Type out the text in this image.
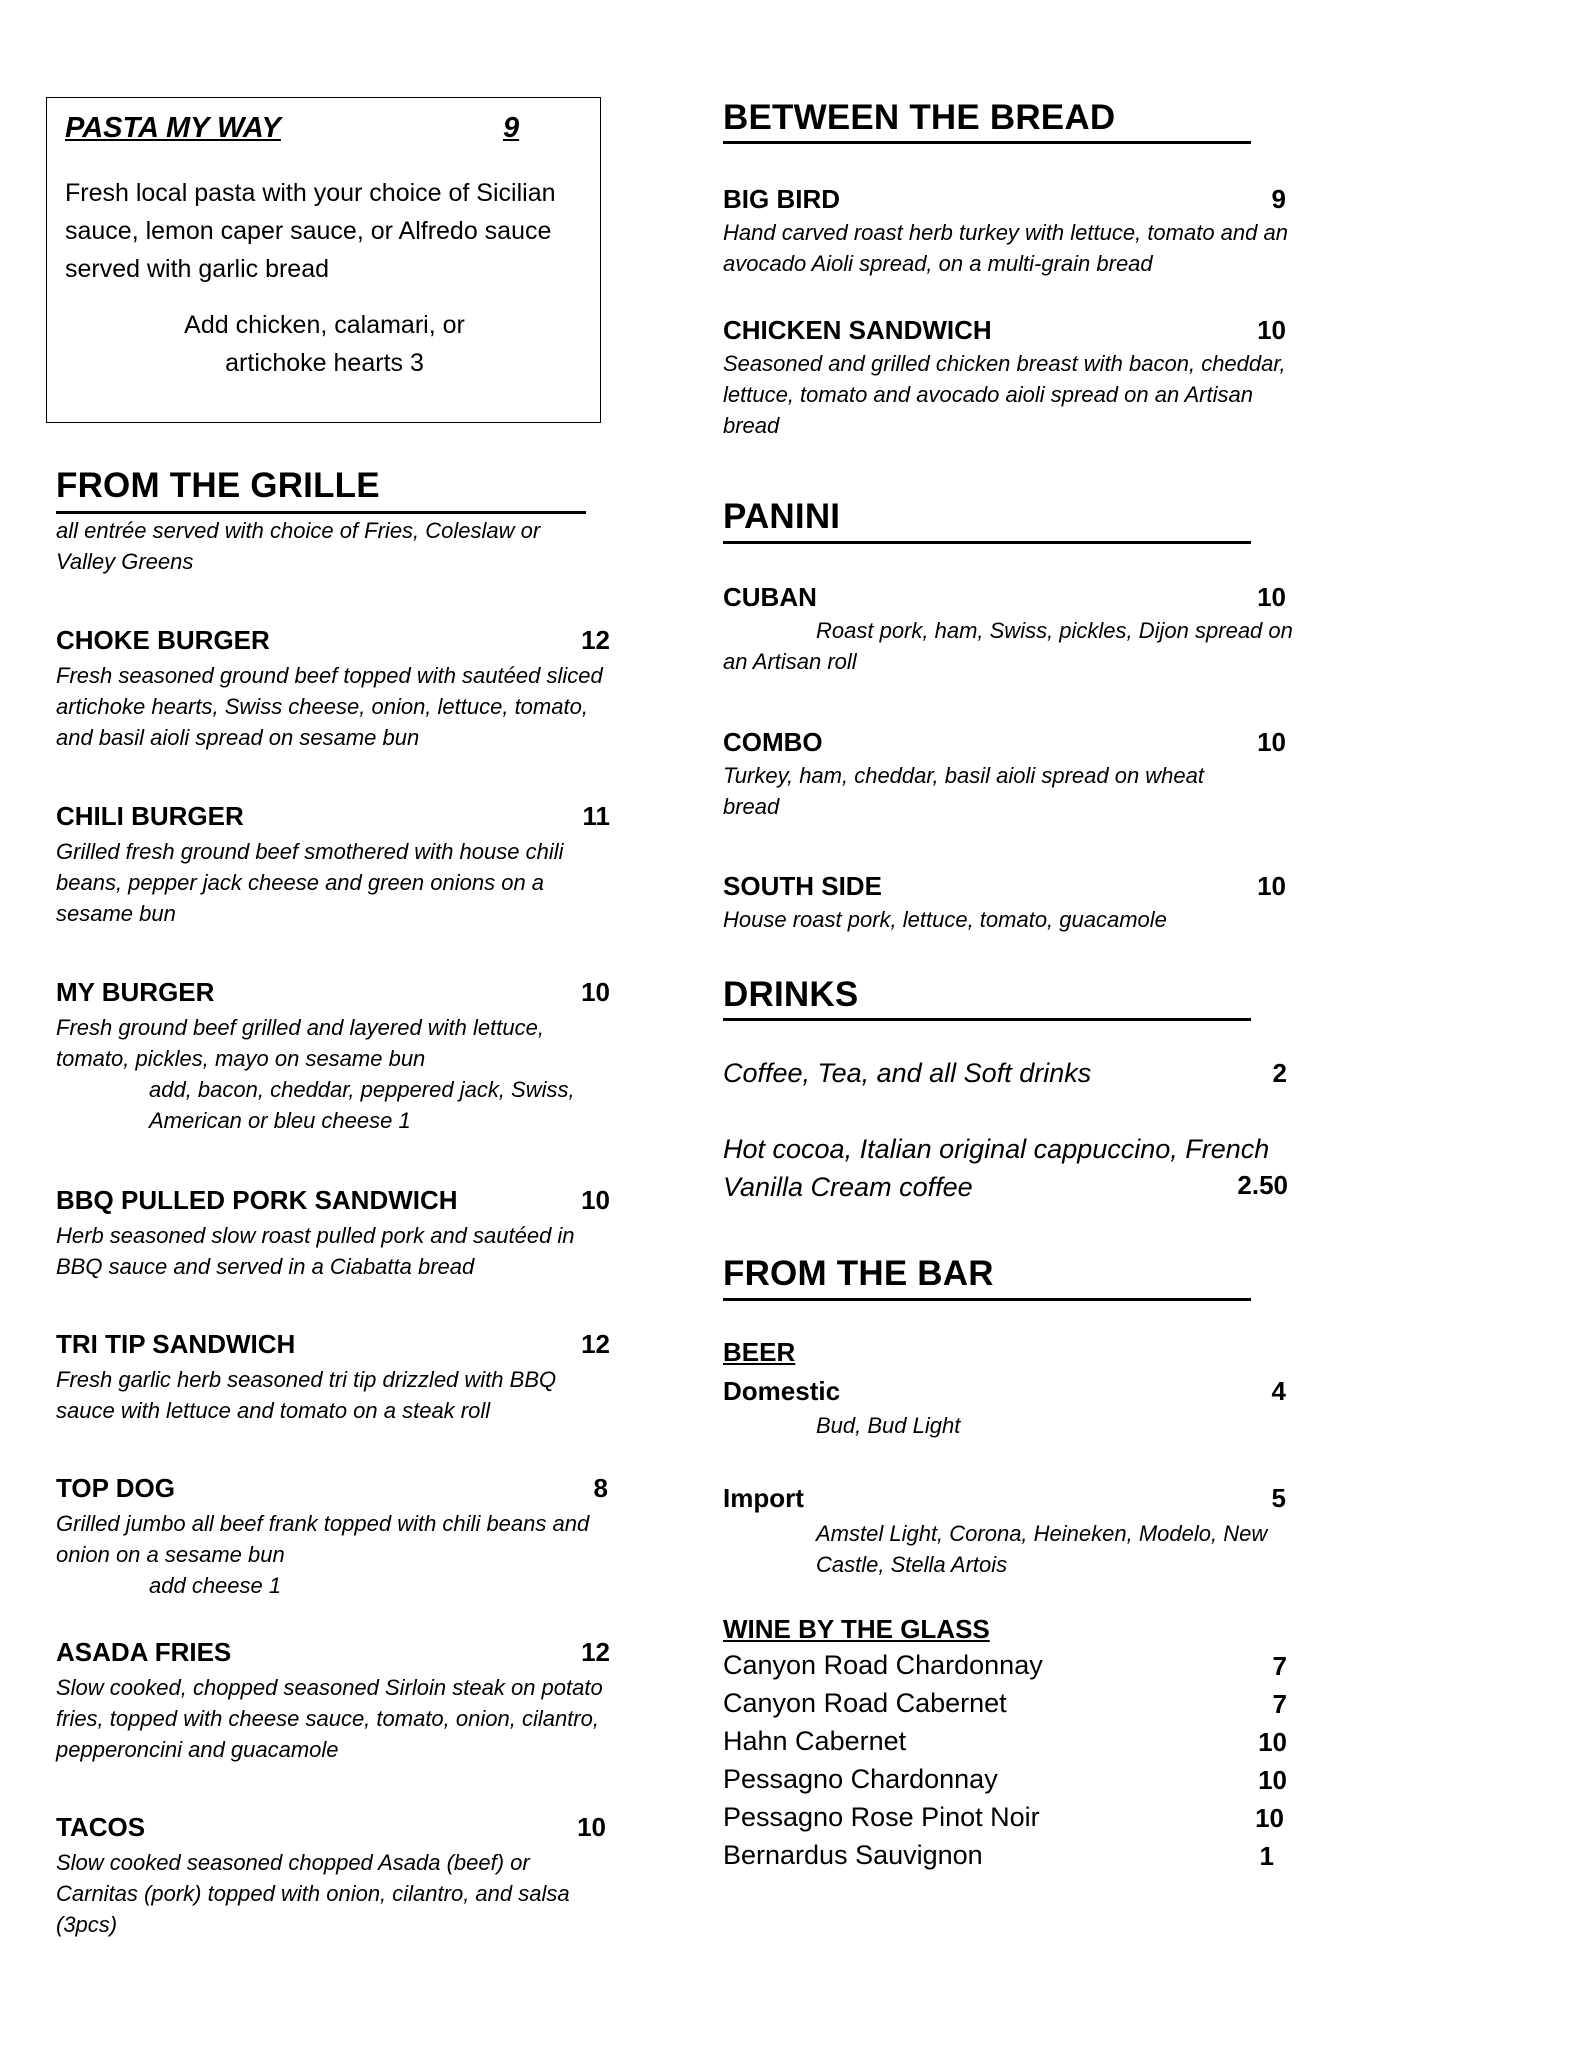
PASTA MY WAY	9
Fresh local pasta with your choice of Sicilian sauce, lemon caper sauce, or Alfredo sauce served with garlic bread
Add chicken, calamari, or
artichoke hearts 3
FROM THE GRILLE
all entrée served with choice of Fries, Coleslaw or Valley Greens
CHOKE BURGER	12
Fresh seasoned ground beef topped with sautéed sliced artichoke hearts, Swiss cheese, onion, lettuce, tomato, and basil aioli spread on sesame bun
CHILI BURGER	11
Grilled fresh ground beef smothered with house chili beans, pepper jack cheese and green onions on a sesame bun
MY BURGER	10
Fresh ground beef grilled and layered with lettuce, tomato, pickles, mayo on sesame bun
add, bacon, cheddar, peppered jack, Swiss, American or bleu cheese 1
BBQ PULLED PORK SANDWICH	10
Herb seasoned slow roast pulled pork and sautéed in BBQ sauce and served in a Ciabatta bread
TRI TIP SANDWICH	12
Fresh garlic herb seasoned tri tip drizzled with BBQ sauce with lettuce and tomato on a steak roll
TOP DOG	8
Grilled jumbo all beef frank topped with chili beans and onion on a sesame bun
add cheese 1
ASADA FRIES	12
Slow cooked, chopped seasoned Sirloin steak on potato fries, topped with cheese sauce, tomato, onion, cilantro, pepperoncini and guacamole
TACOS	10
Slow cooked seasoned chopped Asada (beef) or Carnitas (pork) topped with onion, cilantro, and salsa (3pcs)
BETWEEN THE BREAD
BIG BIRD	9
Hand carved roast herb turkey with lettuce, tomato and an avocado Aioli spread, on a multi-grain bread
CHICKEN SANDWICH	10
Seasoned and grilled chicken breast with bacon, cheddar, lettuce, tomato and avocado aioli spread on an Artisan bread
PANINI
CUBAN	10
Roast pork, ham, Swiss, pickles, Dijon spread on an Artisan roll
COMBO	10
Turkey, ham, cheddar, basil aioli spread on wheat bread
SOUTH SIDE	10
House roast pork, lettuce, tomato, guacamole
DRINKS
Coffee, Tea, and all Soft drinks	2
Hot cocoa, Italian original cappuccino, French Vanilla Cream coffee	2.50
FROM THE BAR
BEER
Domestic	4
Bud, Bud Light
Import	5
Amstel Light, Corona, Heineken, Modelo, New Castle, Stella Artois
WINE BY THE GLASS
Canyon Road Chardonnay	7
Canyon Road Cabernet	7
Hahn Cabernet	10
Pessagno Chardonnay	10
Pessagno Rose Pinot Noir	10
Bernardus Sauvignon	1
